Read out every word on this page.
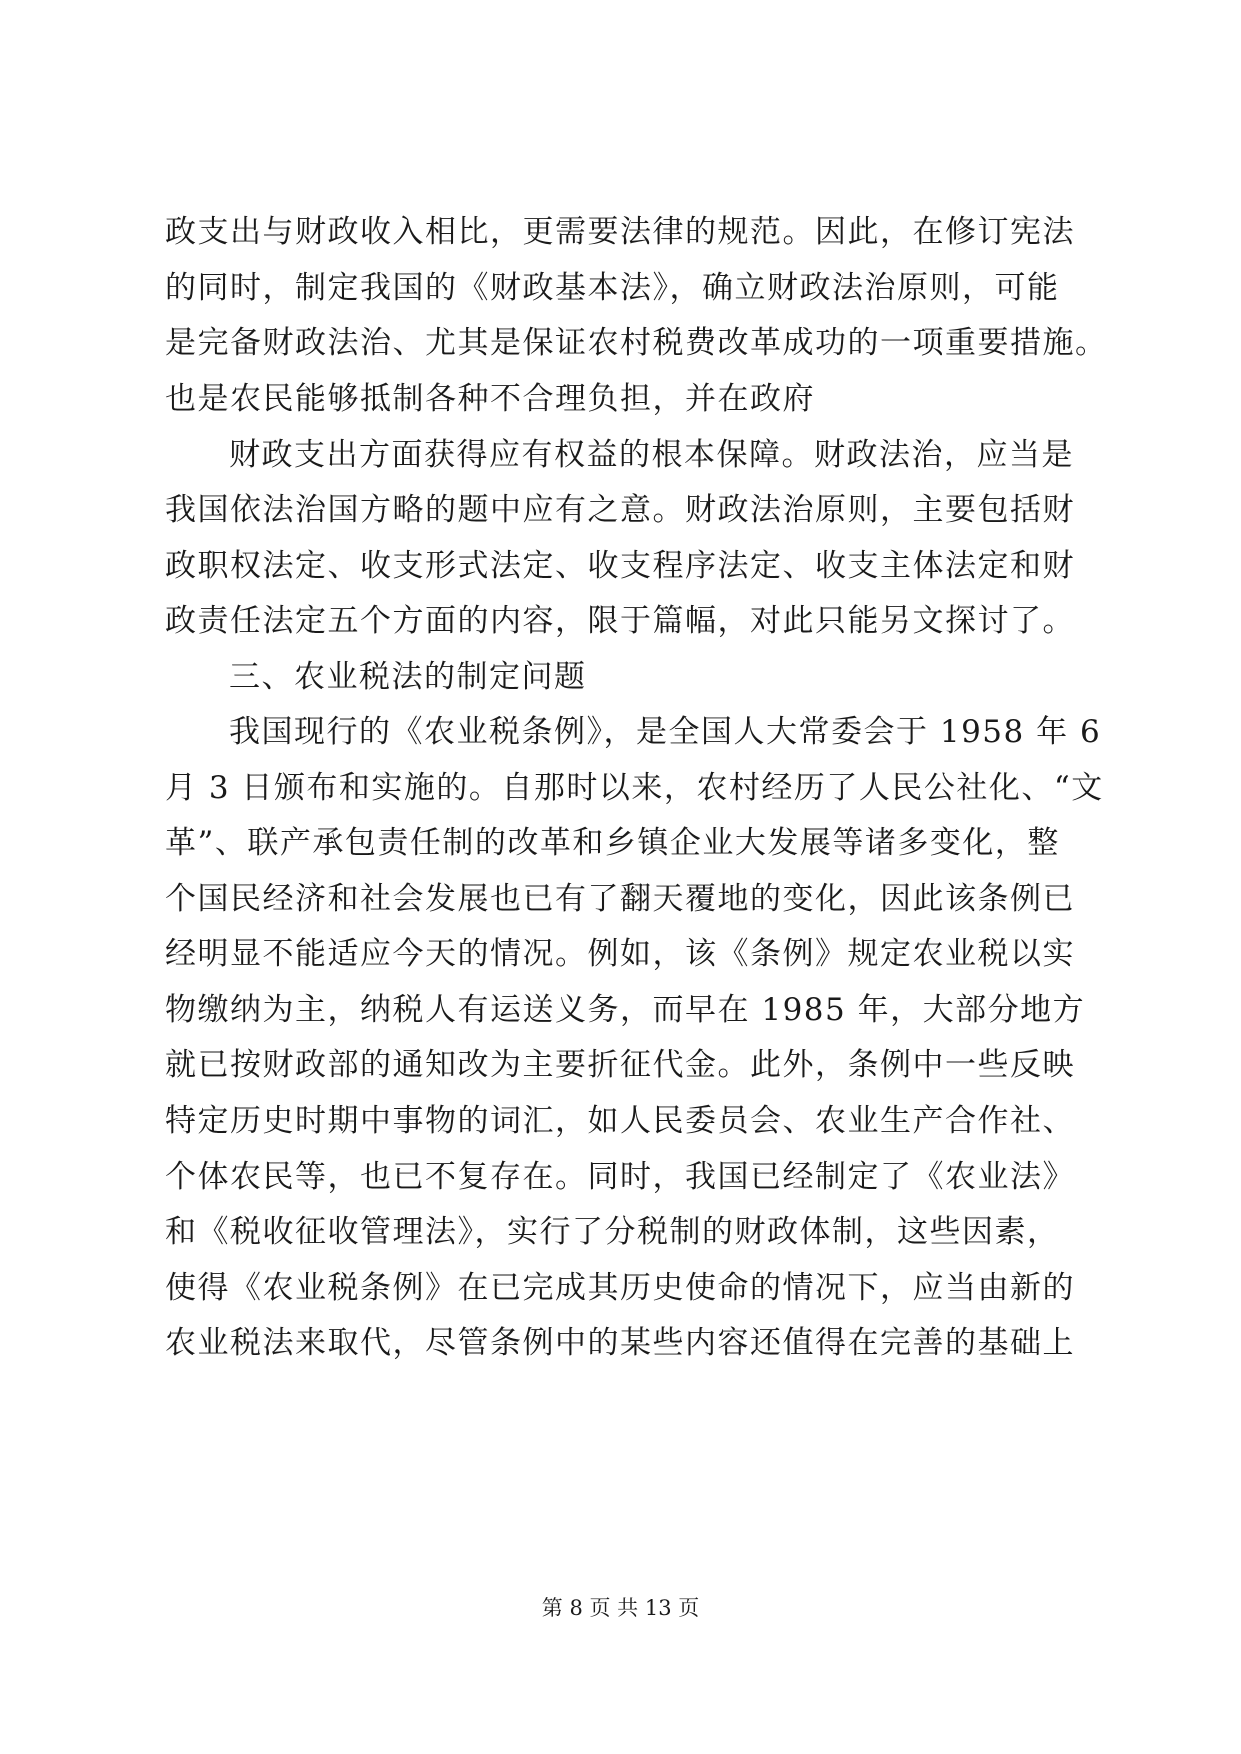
政支出与财政收入相比，更需要法律的规范。因此，在修订宪法
的同时，制定我国的《财政基本法》，确立财政法治原则，可能
是完备财政法治、尤其是保证农村税费改革成功的一项重要措施。
也是农民能够抵制各种不合理负担，并在政府
财政支出方面获得应有权益的根本保障。财政法治，应当是
我国依法治国方略的题中应有之意。财政法治原则，主要包括财
政职权法定、收支形式法定、收支程序法定、收支主体法定和财
政责任法定五个方面的内容，限于篇幅，对此只能另文探讨了。
三、农业税法的制定问题
我国现行的《农业税条例》，是全国人大常委会于 1958 年 6
月 3 日颁布和实施的。自那时以来，农村经历了人民公社化、“文
革”、联产承包责任制的改革和乡镇企业大发展等诸多变化，整
个国民经济和社会发展也已有了翻天覆地的变化，因此该条例已
经明显不能适应今天的情况。例如，该《条例》规定农业税以实
物缴纳为主，纳税人有运送义务，而早在 1985 年，大部分地方
就已按财政部的通知改为主要折征代金。此外，条例中一些反映
特定历史时期中事物的词汇，如人民委员会、农业生产合作社、
个体农民等，也已不复存在。同时，我国已经制定了《农业法》
和《税收征收管理法》，实行了分税制的财政体制，这些因素，
使得《农业税条例》在已完成其历史使命的情况下，应当由新的
农业税法来取代，尽管条例中的某些内容还值得在完善的基础上
第 8 页 共 13 页
